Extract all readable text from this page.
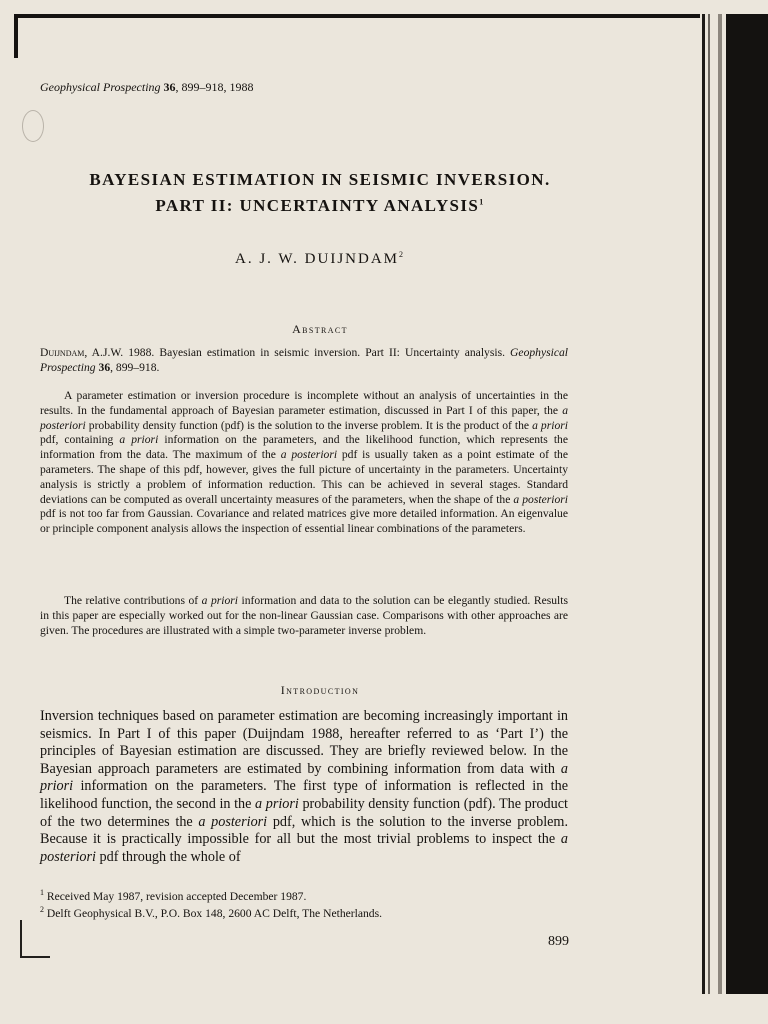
Geophysical Prospecting 36, 899–918, 1988
BAYESIAN ESTIMATION IN SEISMIC INVERSION.
PART II: UNCERTAINTY ANALYSIS$^1$
A. J. W. DUIJNDAM$^2$
Abstract

Duijndam, A.J.W. 1988. Bayesian estimation in seismic inversion. Part II: Uncertainty analysis. Geophysical Prospecting 36, 899–918.

A parameter estimation or inversion procedure is incomplete without an analysis of uncertainties in the results. In the fundamental approach of Bayesian parameter estimation, discussed in Part I of this paper, the a posteriori probability density function (pdf) is the solution to the inverse problem. It is the product of the a priori pdf, containing a priori information on the parameters, and the likelihood function, which represents the information from the data. The maximum of the a posteriori pdf is usually taken as a point estimate of the parameters. The shape of this pdf, however, gives the full picture of uncertainty in the parameters. Uncertainty analysis is strictly a problem of information reduction. This can be achieved in several stages. Standard deviations can be computed as overall uncertainty measures of the parameters, when the shape of the a posteriori pdf is not too far from Gaussian. Covariance and related matrices give more detailed information. An eigenvalue or principle component analysis allows the inspection of essential linear combinations of the parameters.

The relative contributions of a priori information and data to the solution can be elegantly studied. Results in this paper are especially worked out for the non-linear Gaussian case. Comparisons with other approaches are given. The procedures are illustrated with a simple two-parameter inverse problem.

Introduction

Inversion techniques based on parameter estimation are becoming increasingly important in seismics. In Part I of this paper (Duijndam 1988, hereafter referred to as ‘Part I’) the principles of Bayesian estimation are discussed. They are briefly reviewed below. In the Bayesian approach parameters are estimated by combining information from data with a priori information on the parameters. The first type of information is reflected in the likelihood function, the second in the a priori probability density function (pdf). The product of the two determines the a posteriori pdf, which is the solution to the inverse problem. Because it is practically impossible for all but the most trivial problems to inspect the a posteriori pdf through the whole of

$^1$ Received May 1987, revision accepted December 1987.
$^2$ Delft Geophysical B.V., P.O. Box 148, 2600 AC Delft, The Netherlands.
899
